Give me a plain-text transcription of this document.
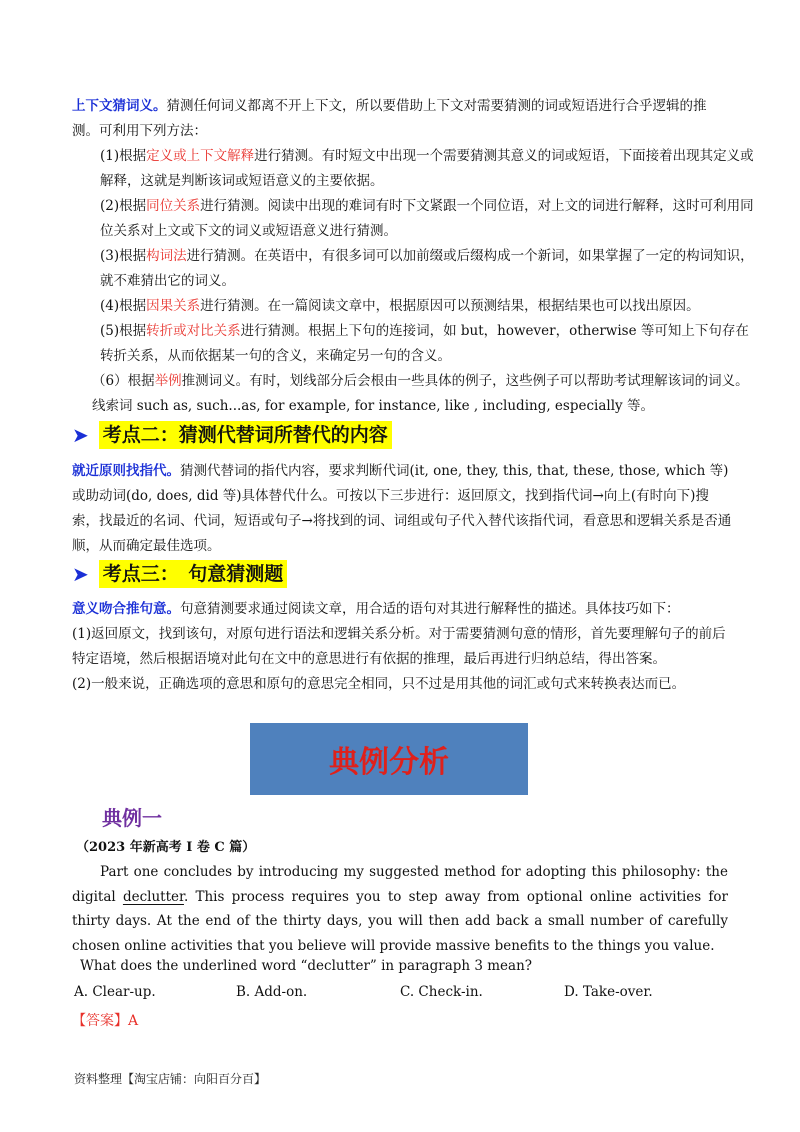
上下文猜词义。猜测任何词义都离不开上下文，所以要借助上下文对需要猜测的词或短语进行合乎逻辑的推测。可利用下列方法：

(1)根据定义或上下文解释进行猜测。有时短文中出现一个需要猜测其意义的词或短语，下面接着出现其定义或解释，这就是判断该词或短语意义的主要依据。

(2)根据同位关系进行猜测。阅读中出现的难词有时下文紧跟一个同位语，对上文的词进行解释，这时可利用同位关系对上文或下文的词义或短语意义进行猜测。

(3)根据构词法进行猜测。在英语中，有很多词可以加前缀或后缀构成一个新词，如果掌握了一定的构词知识，就不难猜出它的词义。

(4)根据因果关系进行猜测。在一篇阅读文章中，根据原因可以预测结果，根据结果也可以找出原因。

(5)根据转折或对比关系进行猜测。根据上下句的连接词，如 but，however，otherwise 等可知上下句存在转折关系，从而依据某一句的含义，来确定另一句的含义。

（6）根据举例推测词义。有时，划线部分后会根由一些具体的例子，这些例子可以帮助考试理解该词的词义。线索词 such as, such...as, for example, for instance, like , including, especially 等。

➤ 考点二：猜测代替词所替代的内容

就近原则找指代。猜测代替词的指代内容，要求判断代词(it, one, they, this, that, these, those, which 等)或助动词(do, does, did 等)具体替代什么。可按以下三步进行：返回原文，找到指代词→向上(有时向下)搜索，找最近的名词、代词，短语或句子→将找到的词、词组或句子代入替代该指代词，看意思和逻辑关系是否通顺，从而确定最佳选项。

➤ 考点三：　句意猜测题

意义吻合推句意。句意猜测要求通过阅读文章，用合适的语句对其进行解释性的描述。具体技巧如下：
(1)返回原文，找到该句，对原句进行语法和逻辑关系分析。对于需要猜测句意的情形，首先要理解句子的前后特定语境，然后根据语境对此句在文中的意思进行有依据的推理，最后再进行归纳总结，得出答案。
(2)一般来说，正确选项的意思和原句的意思完全相同，只不过是用其他的词汇或句式来转换表达而已。

典例分析
典例一
（2023 年新高考 I 卷 C 篇）

Part one concludes by introducing my suggested method for adopting this philosophy: the digital declutter. This process requires you to step away from optional online activities for thirty days. At the end of the thirty days, you will then add back a small number of carefully chosen online activities that you believe will provide massive benefits to the things you value.

What does the underlined word “declutter” in paragraph 3 mean?
A. Clear-up.	B. Add-on.	C. Check-in.	D. Take-over.
【答案】A
资料整理【淘宝店铺：向阳百分百】
